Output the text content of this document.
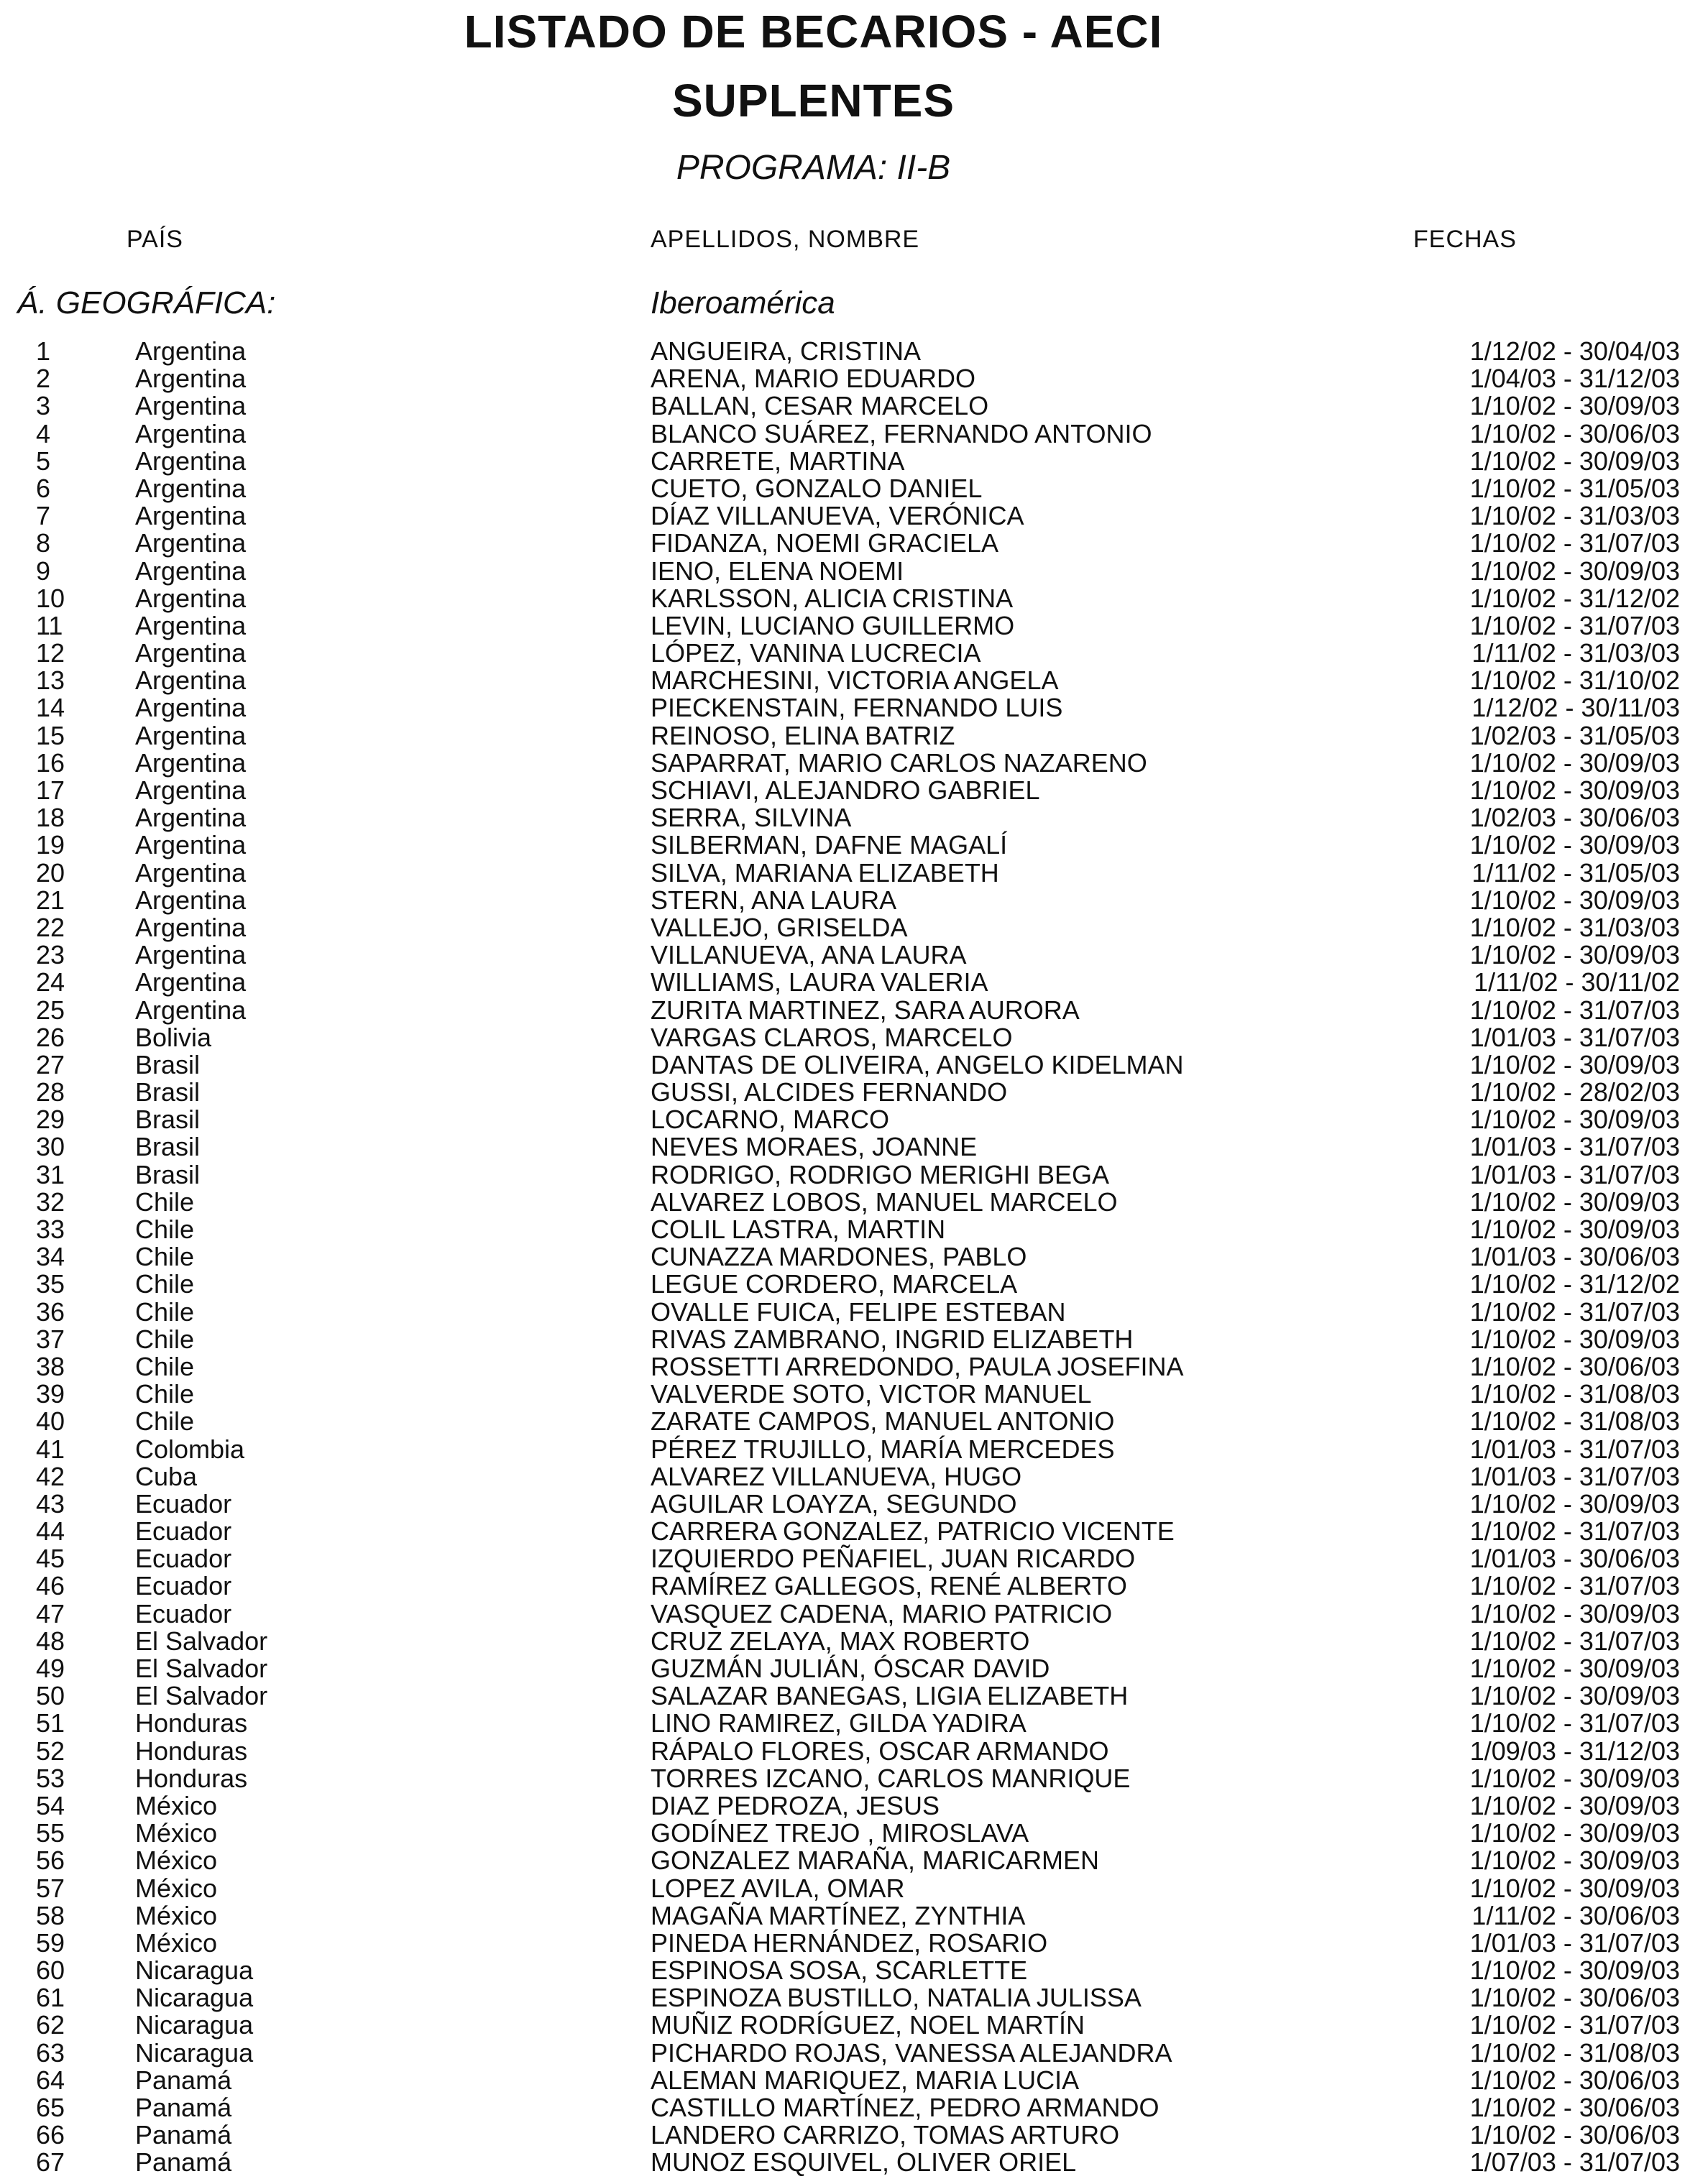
LISTADO DE BECARIOS - AECI
SUPLENTES
PROGRAMA: II-B
PAÍS	APELLIDOS, NOMBRE	FECHAS
Á. GEOGRÁFICA:	Iberoamérica
1	Argentina	ANGUEIRA, CRISTINA	1/12/02 - 30/04/03
2	Argentina	ARENA, MARIO EDUARDO	1/04/03 - 31/12/03
3	Argentina	BALLAN, CESAR MARCELO	1/10/02 - 30/09/03
4	Argentina	BLANCO SUÁREZ, FERNANDO ANTONIO	1/10/02 - 30/06/03
5	Argentina	CARRETE, MARTINA	1/10/02 - 30/09/03
6	Argentina	CUETO, GONZALO DANIEL	1/10/02 - 31/05/03
7	Argentina	DÍAZ VILLANUEVA, VERÓNICA	1/10/02 - 31/03/03
8	Argentina	FIDANZA, NOEMI GRACIELA	1/10/02 - 31/07/03
9	Argentina	IENO, ELENA NOEMI	1/10/02 - 30/09/03
10	Argentina	KARLSSON, ALICIA CRISTINA	1/10/02 - 31/12/02
11	Argentina	LEVIN, LUCIANO GUILLERMO	1/10/02 - 31/07/03
12	Argentina	LÓPEZ, VANINA LUCRECIA	1/11/02 - 31/03/03
13	Argentina	MARCHESINI, VICTORIA ANGELA	1/10/02 - 31/10/02
14	Argentina	PIECKENSTAIN, FERNANDO LUIS	1/12/02 - 30/11/03
15	Argentina	REINOSO, ELINA BATRIZ	1/02/03 - 31/05/03
16	Argentina	SAPARRAT, MARIO CARLOS NAZARENO	1/10/02 - 30/09/03
17	Argentina	SCHIAVI, ALEJANDRO GABRIEL	1/10/02 - 30/09/03
18	Argentina	SERRA, SILVINA	1/02/03 - 30/06/03
19	Argentina	SILBERMAN, DAFNE MAGALÍ	1/10/02 - 30/09/03
20	Argentina	SILVA, MARIANA ELIZABETH	1/11/02 - 31/05/03
21	Argentina	STERN, ANA LAURA	1/10/02 - 30/09/03
22	Argentina	VALLEJO, GRISELDA	1/10/02 - 31/03/03
23	Argentina	VILLANUEVA, ANA LAURA	1/10/02 - 30/09/03
24	Argentina	WILLIAMS, LAURA VALERIA	1/11/02 - 30/11/02
25	Argentina	ZURITA MARTINEZ, SARA AURORA	1/10/02 - 31/07/03
26	Bolivia	VARGAS CLAROS, MARCELO	1/01/03 - 31/07/03
27	Brasil	DANTAS DE OLIVEIRA, ANGELO KIDELMAN	1/10/02 - 30/09/03
28	Brasil	GUSSI, ALCIDES FERNANDO	1/10/02 - 28/02/03
29	Brasil	LOCARNO, MARCO	1/10/02 - 30/09/03
30	Brasil	NEVES MORAES, JOANNE	1/01/03 - 31/07/03
31	Brasil	RODRIGO, RODRIGO MERIGHI BEGA	1/01/03 - 31/07/03
32	Chile	ALVAREZ LOBOS, MANUEL MARCELO	1/10/02 - 30/09/03
33	Chile	COLIL LASTRA, MARTIN	1/10/02 - 30/09/03
34	Chile	CUNAZZA MARDONES, PABLO	1/01/03 - 30/06/03
35	Chile	LEGUE CORDERO, MARCELA	1/10/02 - 31/12/02
36	Chile	OVALLE FUICA, FELIPE ESTEBAN	1/10/02 - 31/07/03
37	Chile	RIVAS ZAMBRANO, INGRID ELIZABETH	1/10/02 - 30/09/03
38	Chile	ROSSETTI ARREDONDO, PAULA JOSEFINA	1/10/02 - 30/06/03
39	Chile	VALVERDE SOTO, VICTOR MANUEL	1/10/02 - 31/08/03
40	Chile	ZARATE CAMPOS, MANUEL ANTONIO	1/10/02 - 31/08/03
41	Colombia	PÉREZ TRUJILLO, MARÍA MERCEDES	1/01/03 - 31/07/03
42	Cuba	ALVAREZ VILLANUEVA, HUGO	1/01/03 - 31/07/03
43	Ecuador	AGUILAR LOAYZA, SEGUNDO	1/10/02 - 30/09/03
44	Ecuador	CARRERA GONZALEZ, PATRICIO VICENTE	1/10/02 - 31/07/03
45	Ecuador	IZQUIERDO PEÑAFIEL, JUAN RICARDO	1/01/03 - 30/06/03
46	Ecuador	RAMÍREZ GALLEGOS, RENÉ ALBERTO	1/10/02 - 31/07/03
47	Ecuador	VASQUEZ CADENA, MARIO PATRICIO	1/10/02 - 30/09/03
48	El Salvador	CRUZ ZELAYA, MAX ROBERTO	1/10/02 - 31/07/03
49	El Salvador	GUZMÁN JULIÁN, ÓSCAR DAVID	1/10/02 - 30/09/03
50	El Salvador	SALAZAR BANEGAS, LIGIA ELIZABETH	1/10/02 - 30/09/03
51	Honduras	LINO RAMIREZ, GILDA YADIRA	1/10/02 - 31/07/03
52	Honduras	RÁPALO FLORES, OSCAR ARMANDO	1/09/03 - 31/12/03
53	Honduras	TORRES IZCANO, CARLOS MANRIQUE	1/10/02 - 30/09/03
54	México	DIAZ PEDROZA, JESUS	1/10/02 - 30/09/03
55	México	GODÍNEZ TREJO , MIROSLAVA	1/10/02 - 30/09/03
56	México	GONZALEZ MARAÑA, MARICARMEN	1/10/02 - 30/09/03
57	México	LOPEZ AVILA, OMAR	1/10/02 - 30/09/03
58	México	MAGAÑA MARTÍNEZ, ZYNTHIA	1/11/02 - 30/06/03
59	México	PINEDA HERNÁNDEZ, ROSARIO	1/01/03 - 31/07/03
60	Nicaragua	ESPINOSA SOSA, SCARLETTE	1/10/02 - 30/09/03
61	Nicaragua	ESPINOZA BUSTILLO, NATALIA JULISSA	1/10/02 - 30/06/03
62	Nicaragua	MUÑIZ RODRÍGUEZ, NOEL MARTÍN	1/10/02 - 31/07/03
63	Nicaragua	PICHARDO ROJAS, VANESSA ALEJANDRA	1/10/02 - 31/08/03
64	Panamá	ALEMAN MARIQUEZ, MARIA LUCIA	1/10/02 - 30/06/03
65	Panamá	CASTILLO MARTÍNEZ, PEDRO ARMANDO	1/10/02 - 30/06/03
66	Panamá	LANDERO CARRIZO, TOMAS ARTURO	1/10/02 - 30/06/03
67	Panamá	MUNOZ ESQUIVEL, OLIVER ORIEL	1/07/03 - 31/07/03
